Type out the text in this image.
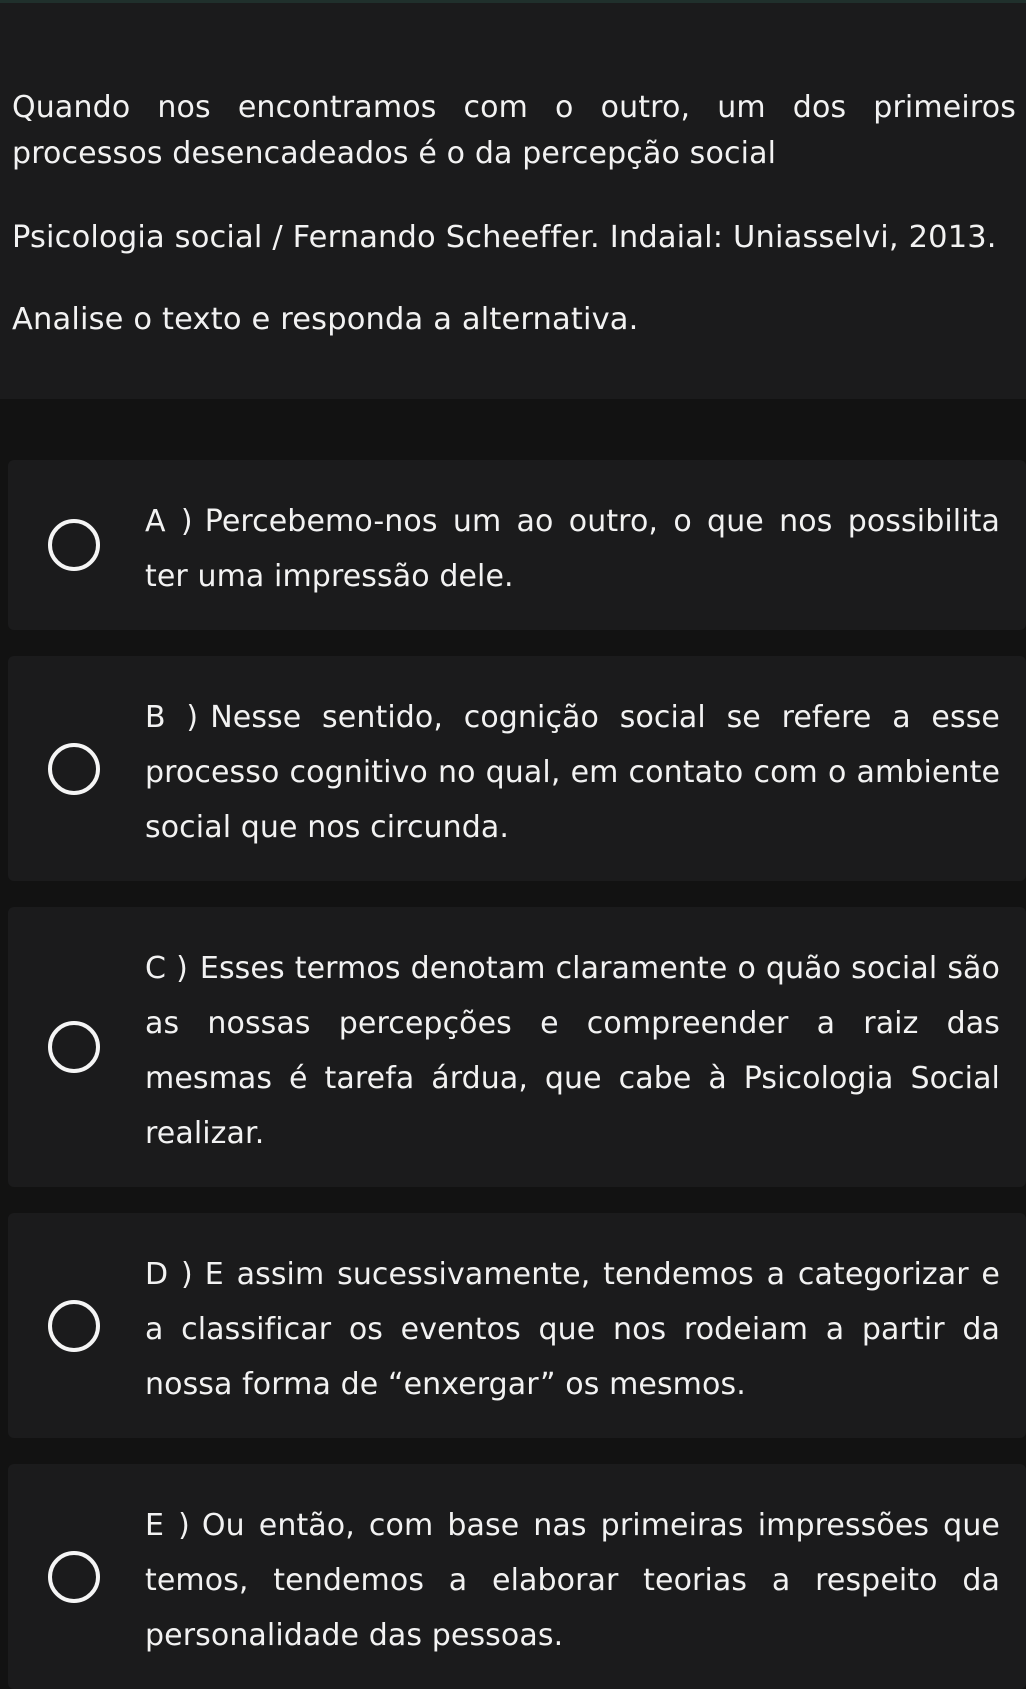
Quando nos encontramos com o outro, um dos primeiros processos desencadeados é o da percepção social

Psicologia social / Fernando Scheeffer. Indaial: Uniasselvi, 2013.

Analise o texto e responda a alternativa.

A ) Percebemo-nos um ao outro, o que nos possibilita ter uma impressão dele.
B ) Nesse sentido, cognição social se refere a esse processo cognitivo no qual, em contato com o ambiente social que nos circunda.
C ) Esses termos denotam claramente o quão social são as nossas percepções e compreender a raiz das mesmas é tarefa árdua, que cabe à Psicologia Social realizar.
D ) E assim sucessivamente, tendemos a categorizar e a classificar os eventos que nos rodeiam a partir da nossa forma de “enxergar” os mesmos.
E ) Ou então, com base nas primeiras impressões que temos, tendemos a elaborar teorias a respeito da personalidade das pessoas.
